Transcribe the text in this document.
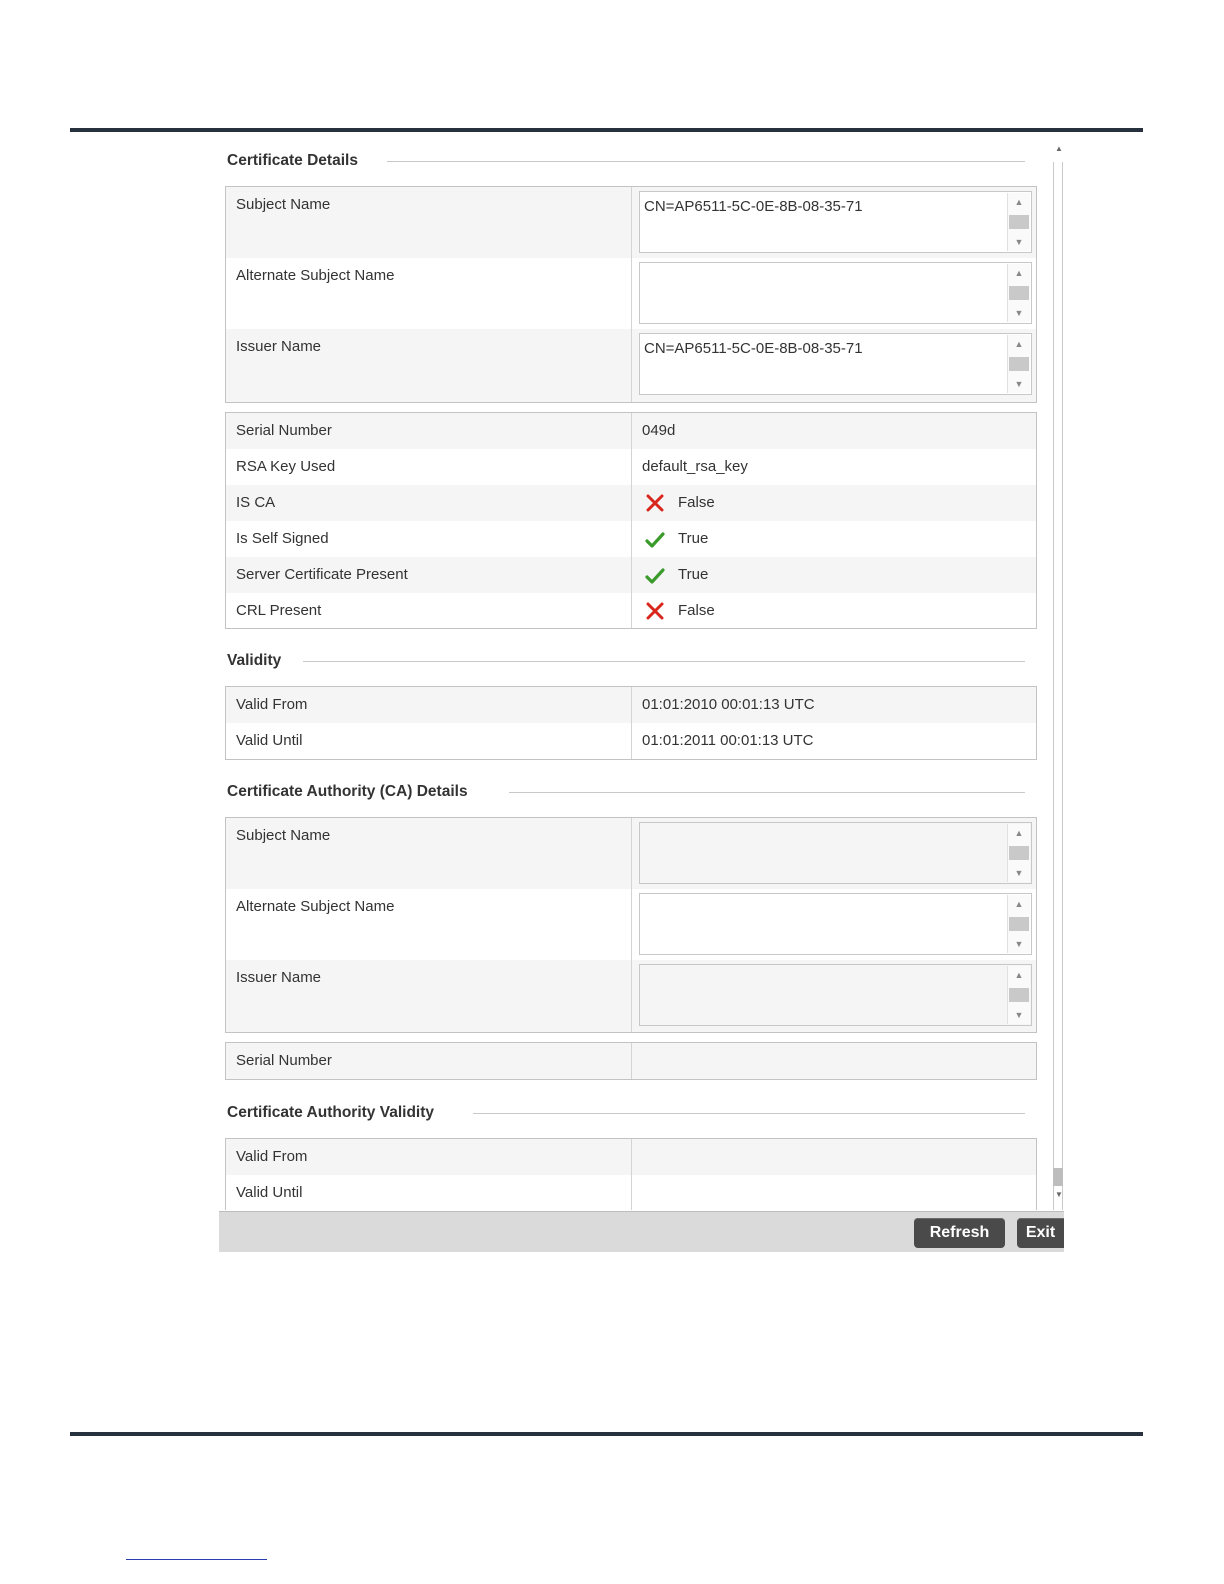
Certificate Details
Subject Name	CN=AP6511-5C-0E-8B-08-35-71	▲
▼
Alternate Subject Name	▲
▼
Issuer Name	CN=AP6511-5C-0E-8B-08-35-71	▲
▼
Serial Number	049d
RSA Key Used	default_rsa_key
IS CA	False
Is Self Signed	True
Server Certificate Present	True
CRL Present	False
Validity
Valid From	01:01:2010 00:01:13 UTC
Valid Until	01:01:2011 00:01:13 UTC
Certificate Authority (CA) Details
Subject Name	▲
▼
Alternate Subject Name	▲
▼
Issuer Name	▲
▼
Serial Number
Certificate Authority Validity
Valid From
Valid Until
▲
▼
Refresh	Exit
